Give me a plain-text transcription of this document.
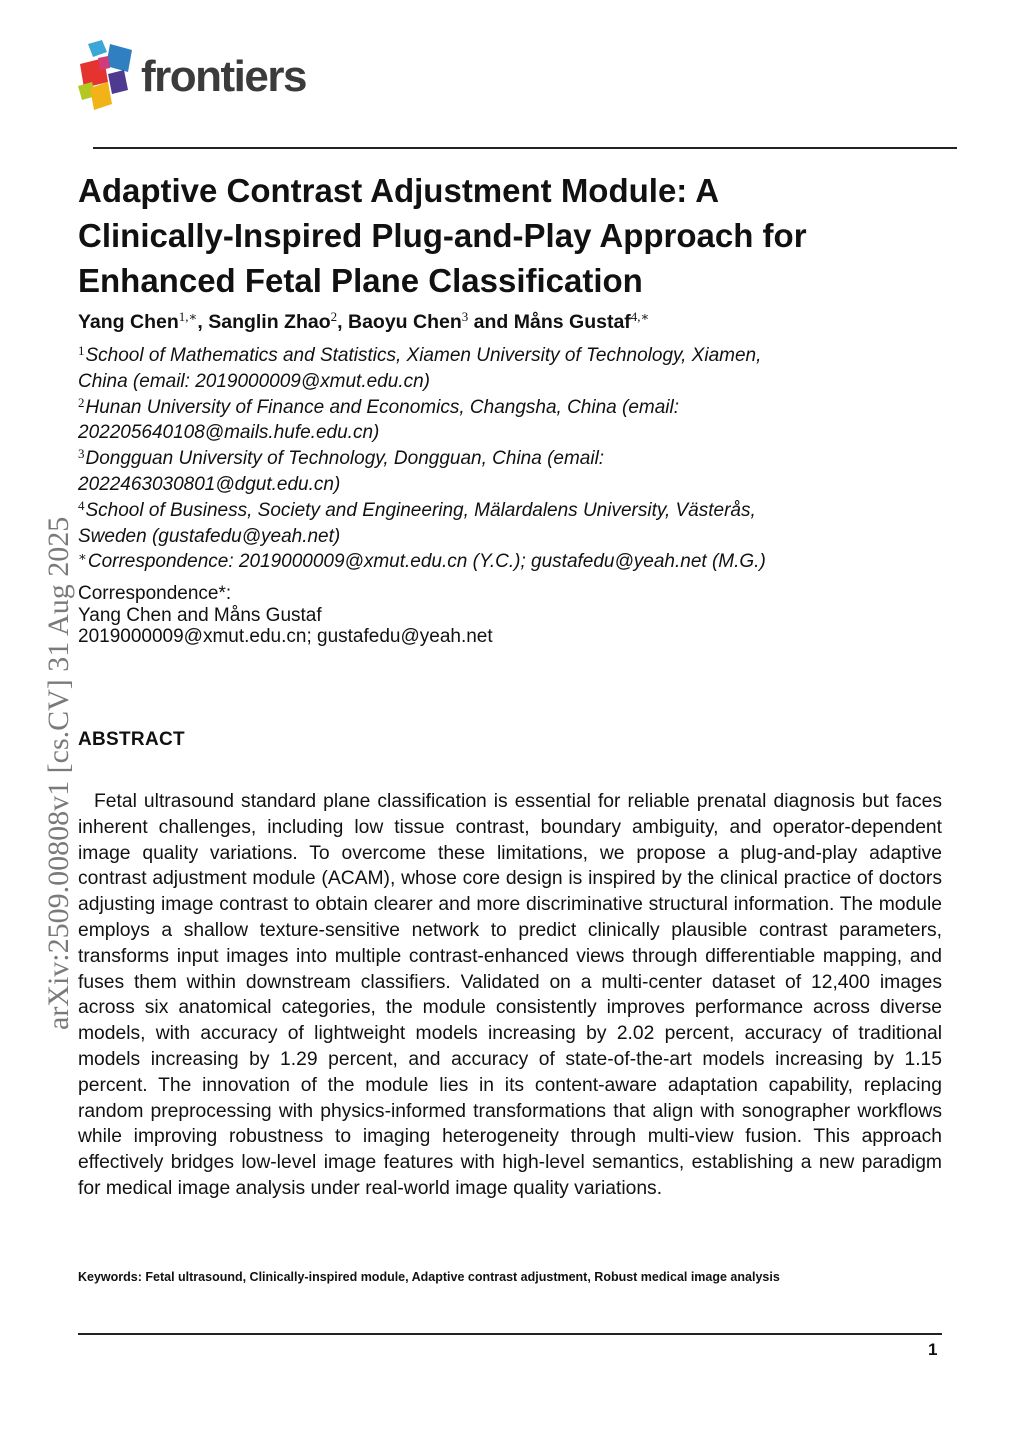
frontiers
arXiv:2509.00808v1 [cs.CV] 31 Aug 2025
Adaptive Contrast Adjustment Module: A
Clinically-Inspired Plug-and-Play Approach for
Enhanced Fetal Plane Classification
Yang Chen$^{1,∗}$, Sanglin Zhao$^2$, Baoyu Chen$^3$ and Måns Gustaf$^{4,∗}$
$^1$School of Mathematics and Statistics, Xiamen University of Technology, Xiamen,
China (email: 2019000009@xmut.edu.cn)
$^2$Hunan University of Finance and Economics, Changsha, China (email:
202205640108@mails.hufe.edu.cn)
$^3$Dongguan University of Technology, Dongguan, China (email:
2022463030801@dgut.edu.cn)
$^4$School of Business, Society and Engineering, Mälardalens University, Västerås,
Sweden (gustafedu@yeah.net)
∗Correspondence: 2019000009@xmut.edu.cn (Y.C.); gustafedu@yeah.net (M.G.)
Correspondence*:
Yang Chen and Måns Gustaf
2019000009@xmut.edu.cn; gustafedu@yeah.net
ABSTRACT

Fetal ultrasound standard plane classification is essential for reliable prenatal diagnosis but faces inherent challenges, including low tissue contrast, boundary ambiguity, and operator-dependent image quality variations. To overcome these limitations, we propose a plug-and-play adaptive contrast adjustment module (ACAM), whose core design is inspired by the clinical practice of doctors adjusting image contrast to obtain clearer and more discriminative structural information. The module employs a shallow texture-sensitive network to predict clinically plausible contrast parameters, transforms input images into multiple contrast-enhanced views through differentiable mapping, and fuses them within downstream classifiers. Validated on a multi-center dataset of 12,400 images across six anatomical categories, the module consistently improves performance across diverse models, with accuracy of lightweight models increasing by 2.02 percent, accuracy of traditional models increasing by 1.29 percent, and accuracy of state-of-the-art models increasing by 1.15 percent. The innovation of the module lies in its content-aware adaptation capability, replacing random preprocessing with physics-informed transformations that align with sonographer workflows while improving robustness to imaging heterogeneity through multi-view fusion. This approach effectively bridges low-level image features with high-level semantics, establishing a new paradigm for medical image analysis under real-world image quality variations.

Keywords: Fetal ultrasound, Clinically-inspired module, Adaptive contrast adjustment, Robust medical image analysis
1
